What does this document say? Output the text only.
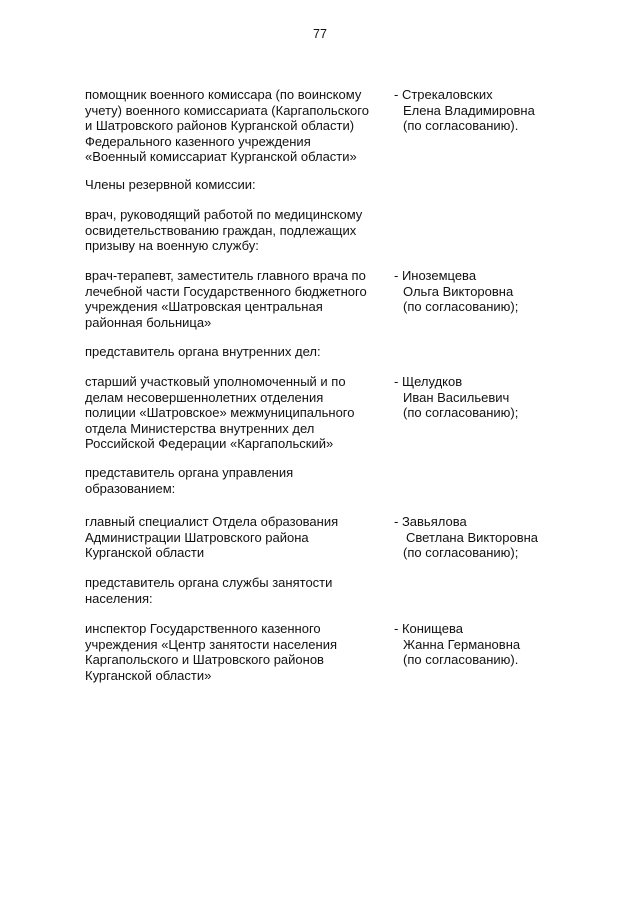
77
помощник военного комиссара (по воинскому
учету) военного комиссариата (Каргапольского
и Шатровского районов Курганской области)
Федерального казенного учреждения
«Военный комиссариат Курганской области»
- Стрекаловских
Елена Владимировна
(по согласованию).
Члены резервной комиссии:
врач, руководящий работой по медицинскому
освидетельствованию граждан, подлежащих
призыву на военную службу:
врач-терапевт, заместитель главного врача по
лечебной части Государственного бюджетного
учреждения «Шатровская центральная
районная больница»
- Иноземцева
Ольга Викторовна
(по согласованию);
представитель органа внутренних дел:
старший участковый уполномоченный и по
делам несовершеннолетних отделения
полиции «Шатровское» межмуниципального
отдела Министерства внутренних дел
Российской Федерации «Каргапольский»
- Щелудков
Иван Васильевич
(по согласованию);
представитель органа управления
образованием:
главный специалист Отдела образования
Администрации Шатровского района
Курганской области
- Завьялова
Светлана Викторовна
(по согласованию);
представитель органа службы занятости
населения:
инспектор Государственного казенного
учреждения «Центр занятости населения
Каргапольского и Шатровского районов
Курганской области»
- Конищева
Жанна Германовна
(по согласованию).
